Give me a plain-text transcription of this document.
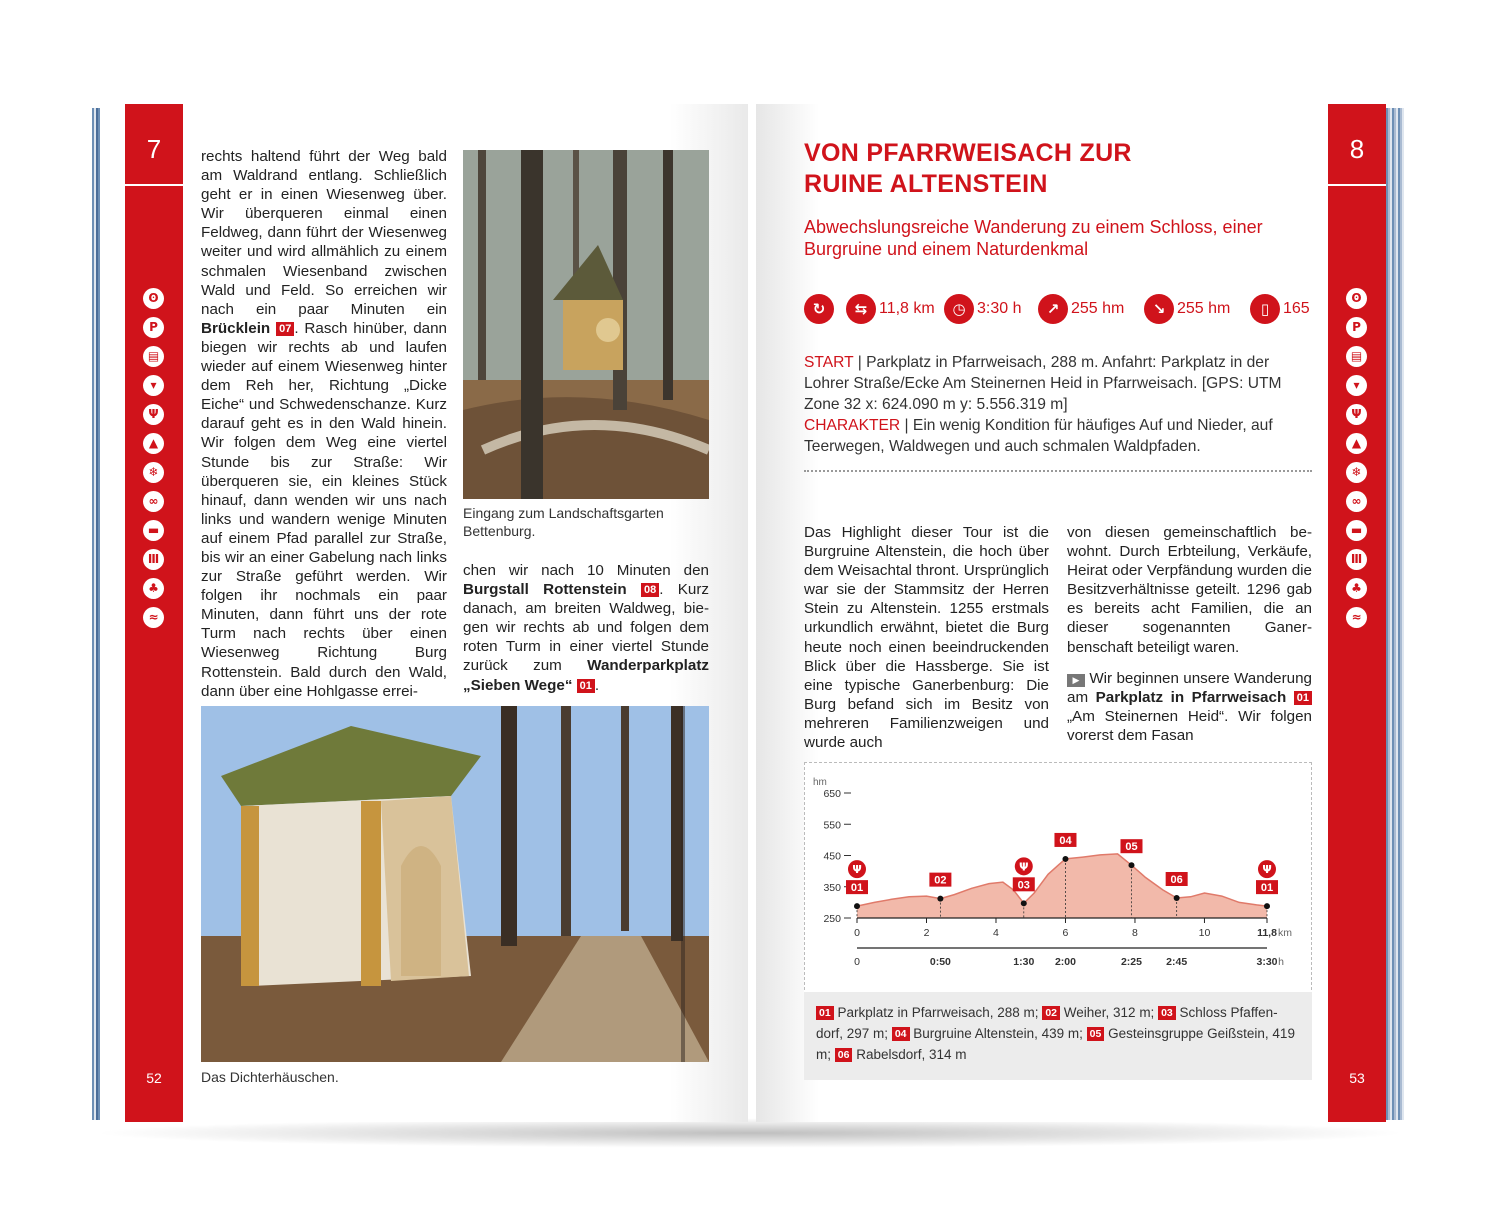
7
ʘ
P
▤
▾
Ψ
▲
❄
∞
▬
Ⅲ
♣
≈
52
rechts haltend führt der Weg bald am Waldrand entlang. Schließlich geht er in einen Wiesenweg über. Wir überqueren einmal einen Feldweg, dann führt der Wiesenweg weiter und wird allmählich zu einem schmalen Wiesenband zwischen Wald und Feld. So erreichen wir nach ein paar Minuten ein Brücklein 07 . Rasch hinüber, dann biegen wir rechts ab und laufen wieder auf einem Wiesenweg hinter dem Reh her, Richtung „Dicke Eiche“ und Schwedenschanze. Kurz darauf geht es in den Wald hinein. Wir folgen dem Weg eine viertel Stunde bis zur Straße: Wir überqueren sie, ein kleines Stück hinauf, dann wenden wir uns nach links und wandern wenige Minuten auf einem Pfad parallel zur Straße, bis wir an einer Gabelung nach links zur Straße geführt werden. Wir folgen ihr nochmals ein paar Minuten, dann führt uns der rote Turm nach rechts über einen Wiesenweg Richtung Burg Rottenstein. Bald durch den Wald, dann über eine Hohlgasse errei-
Eingang zum Landschaftsgarten Bettenburg.
chen wir nach 10 Minuten den Burgstall Rottenstein 08 . Kurz danach, am breiten Waldweg, biegen wir rechts ab und folgen dem roten Turm in einer viertel Stunde zurück zum Wanderparkplatz „Sieben Wege“ 01 .
Das Dichterhäuschen.
8
ʘ
P
▤
▾
Ψ
▲
❄
∞
▬
Ⅲ
♣
≈
53
VON PFARRWEISACH ZUR
RUINE ALTENSTEIN
Abwechslungsreiche Wanderung zu einem Schloss, einer Burgruine und einem Naturdenkmal
↻	⇆ 11,8 km	◷ 3:30 h	↗ 255 hm	↘ 255 hm	▯ 165
START | Parkplatz in Pfarrweisach, 288 m. Anfahrt: Parkplatz in der Lohrer Straße/Ecke Am Steinernen Heid in Pfarrweisach. [GPS: UTM Zone 32 x: 624.090 m y: 5.556.319 m]
CHARAKTER | Ein wenig Kondition für häufiges Auf und Nieder, auf Teerwegen, Waldwegen und auch schmalen Waldpfaden.
Das Highlight dieser Tour ist die Burgruine Altenstein, die hoch über dem Weisachtal thront. Ursprünglich war sie der Stammsitz der Herren Stein zu Altenstein. 1255 erstmals urkundlich erwähnt, bietet die Burg heute noch einen beeindruckenden Blick über die Hassberge. Sie ist eine typische Ganerbenburg: Die Burg befand sich im Besitz von mehreren Familienzweigen und wurde auch
von diesen gemeinschaftlich bewohnt. Durch Erbteilung, Verkäufe, Heirat oder Verpfändung wurden die Besitzverhältnisse geteilt. 1296 gab es bereits acht Familien, die an dieser sogenannten Ganerbenschaft beteiligt waren.
▶ Wir beginnen unsere Wanderung am Parkplatz in Pfarrweisach 01 „Am Steinernen Heid“. Wir folgen vorerst dem Fasan
hm
250
350
450
550
650
0	2	4	6	8	10	11,8 km
0	0:50	1:30 2:00	2:25 2:45	3:30 h
01
Ψ
02	03
Ψ
04
05
06
01
Ψ
01 Parkplatz in Pfarrweisach, 288 m; 02 Weiher, 312 m; 03 Schloss Pfaffendorf, 297 m; 04 Burgruine Altenstein, 439 m; 05 Gesteinsgruppe Geißstein, 419 m; 06 Rabelsdorf, 314 m
